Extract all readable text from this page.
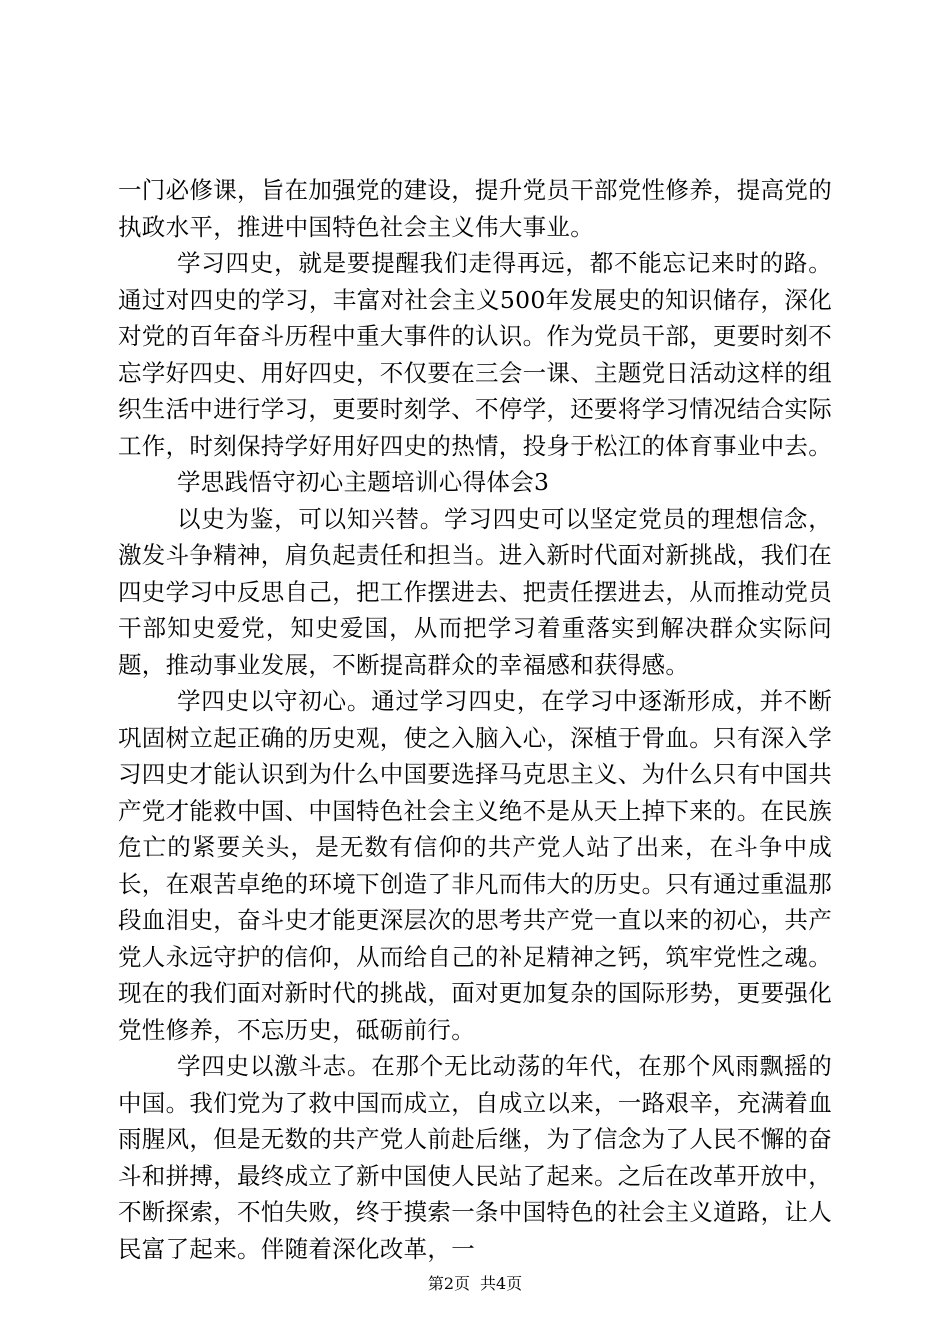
一门必修课，旨在加强党的建设，提升党员干部党性修养，提高党的执政水平，推进中国特色社会主义伟大事业。

学习四史，就是要提醒我们走得再远，都不能忘记来时的路。通过对四史的学习，丰富对社会主义500年发展史的知识储存，深化对党的百年奋斗历程中重大事件的认识。作为党员干部，更要时刻不忘学好四史、用好四史，不仅要在三会一课、主题党日活动这样的组织生活中进行学习，更要时刻学、不停学，还要将学习情况结合实际工作，时刻保持学好用好四史的热情，投身于松江的体育事业中去。

学思践悟守初心主题培训心得体会3

以史为鉴，可以知兴替。学习四史可以坚定党员的理想信念，激发斗争精神，肩负起责任和担当。进入新时代面对新挑战，我们在四史学习中反思自己，把工作摆进去、把责任摆进去，从而推动党员干部知史爱党，知史爱国，从而把学习着重落实到解决群众实际问题，推动事业发展，不断提高群众的幸福感和获得感。

学四史以守初心。通过学习四史，在学习中逐渐形成，并不断巩固树立起正确的历史观，使之入脑入心，深植于骨血。只有深入学习四史才能认识到为什么中国要选择马克思主义、为什么只有中国共产党才能救中国、中国特色社会主义绝不是从天上掉下来的。在民族危亡的紧要关头，是无数有信仰的共产党人站了出来，在斗争中成长，在艰苦卓绝的环境下创造了非凡而伟大的历史。只有通过重温那段血泪史，奋斗史才能更深层次的思考共产党一直以来的初心，共产党人永远守护的信仰，从而给自己的补足精神之钙，筑牢党性之魂。现在的我们面对新时代的挑战，面对更加复杂的国际形势，更要强化党性修养，不忘历史，砥砺前行。

学四史以激斗志。在那个无比动荡的年代，在那个风雨飘摇的中国。我们党为了救中国而成立，自成立以来，一路艰辛，充满着血雨腥风，但是无数的共产党人前赴后继，为了信念为了人民不懈的奋斗和拼搏，最终成立了新中国使人民站了起来。之后在改革开放中，不断探索，不怕失败，终于摸索一条中国特色的社会主义道路，让人民富了起来。伴随着深化改革，一

第2页 共4页
